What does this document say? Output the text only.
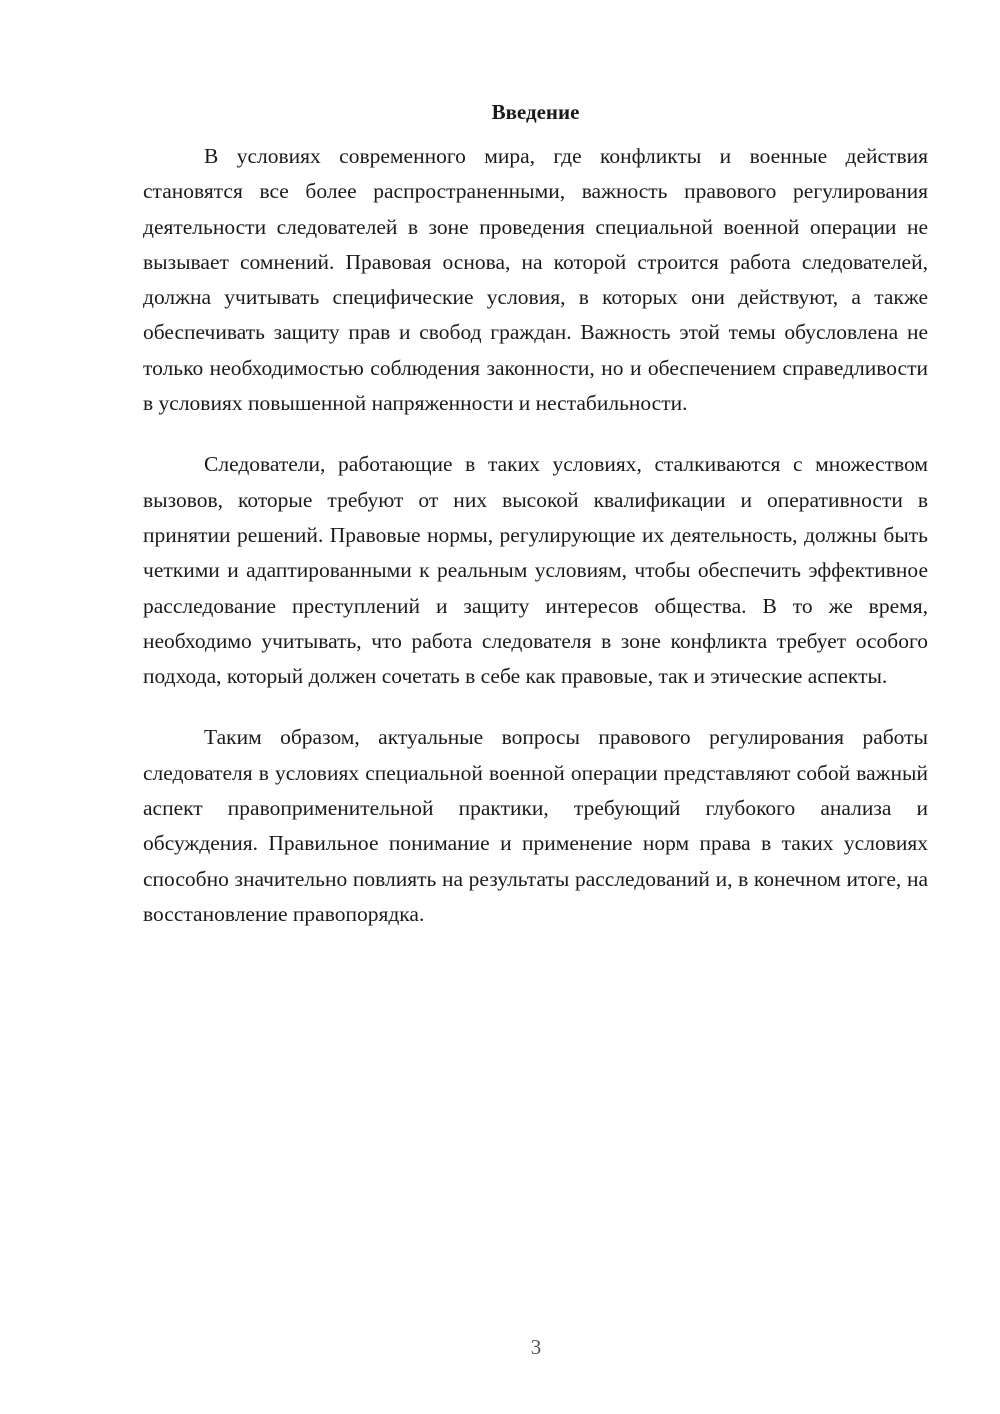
Введение

В условиях современного мира, где конфликты и военные действия становятся все более распространенными, важность правового регулирования деятельности следователей в зоне проведения специальной военной операции не вызывает сомнений. Правовая основа, на которой строится работа следователей, должна учитывать специфические условия, в которых они действуют, а также обеспечивать защиту прав и свобод граждан. Важность этой темы обусловлена не только необходимостью соблюдения законности, но и обеспечением справедливости в условиях повышенной напряженности и нестабильности.

Следователи, работающие в таких условиях, сталкиваются с множеством вызовов, которые требуют от них высокой квалификации и оперативности в принятии решений. Правовые нормы, регулирующие их деятельность, должны быть четкими и адаптированными к реальным условиям, чтобы обеспечить эффективное расследование преступлений и защиту интересов общества. В то же время, необходимо учитывать, что работа следователя в зоне конфликта требует особого подхода, который должен сочетать в себе как правовые, так и этические аспекты.

Таким образом, актуальные вопросы правового регулирования работы следователя в условиях специальной военной операции представляют собой важный аспект правоприменительной практики, требующий глубокого анализа и обсуждения. Правильное понимание и применение норм права в таких условиях способно значительно повлиять на результаты расследований и, в конечном итоге, на восстановление правопорядка.

3
